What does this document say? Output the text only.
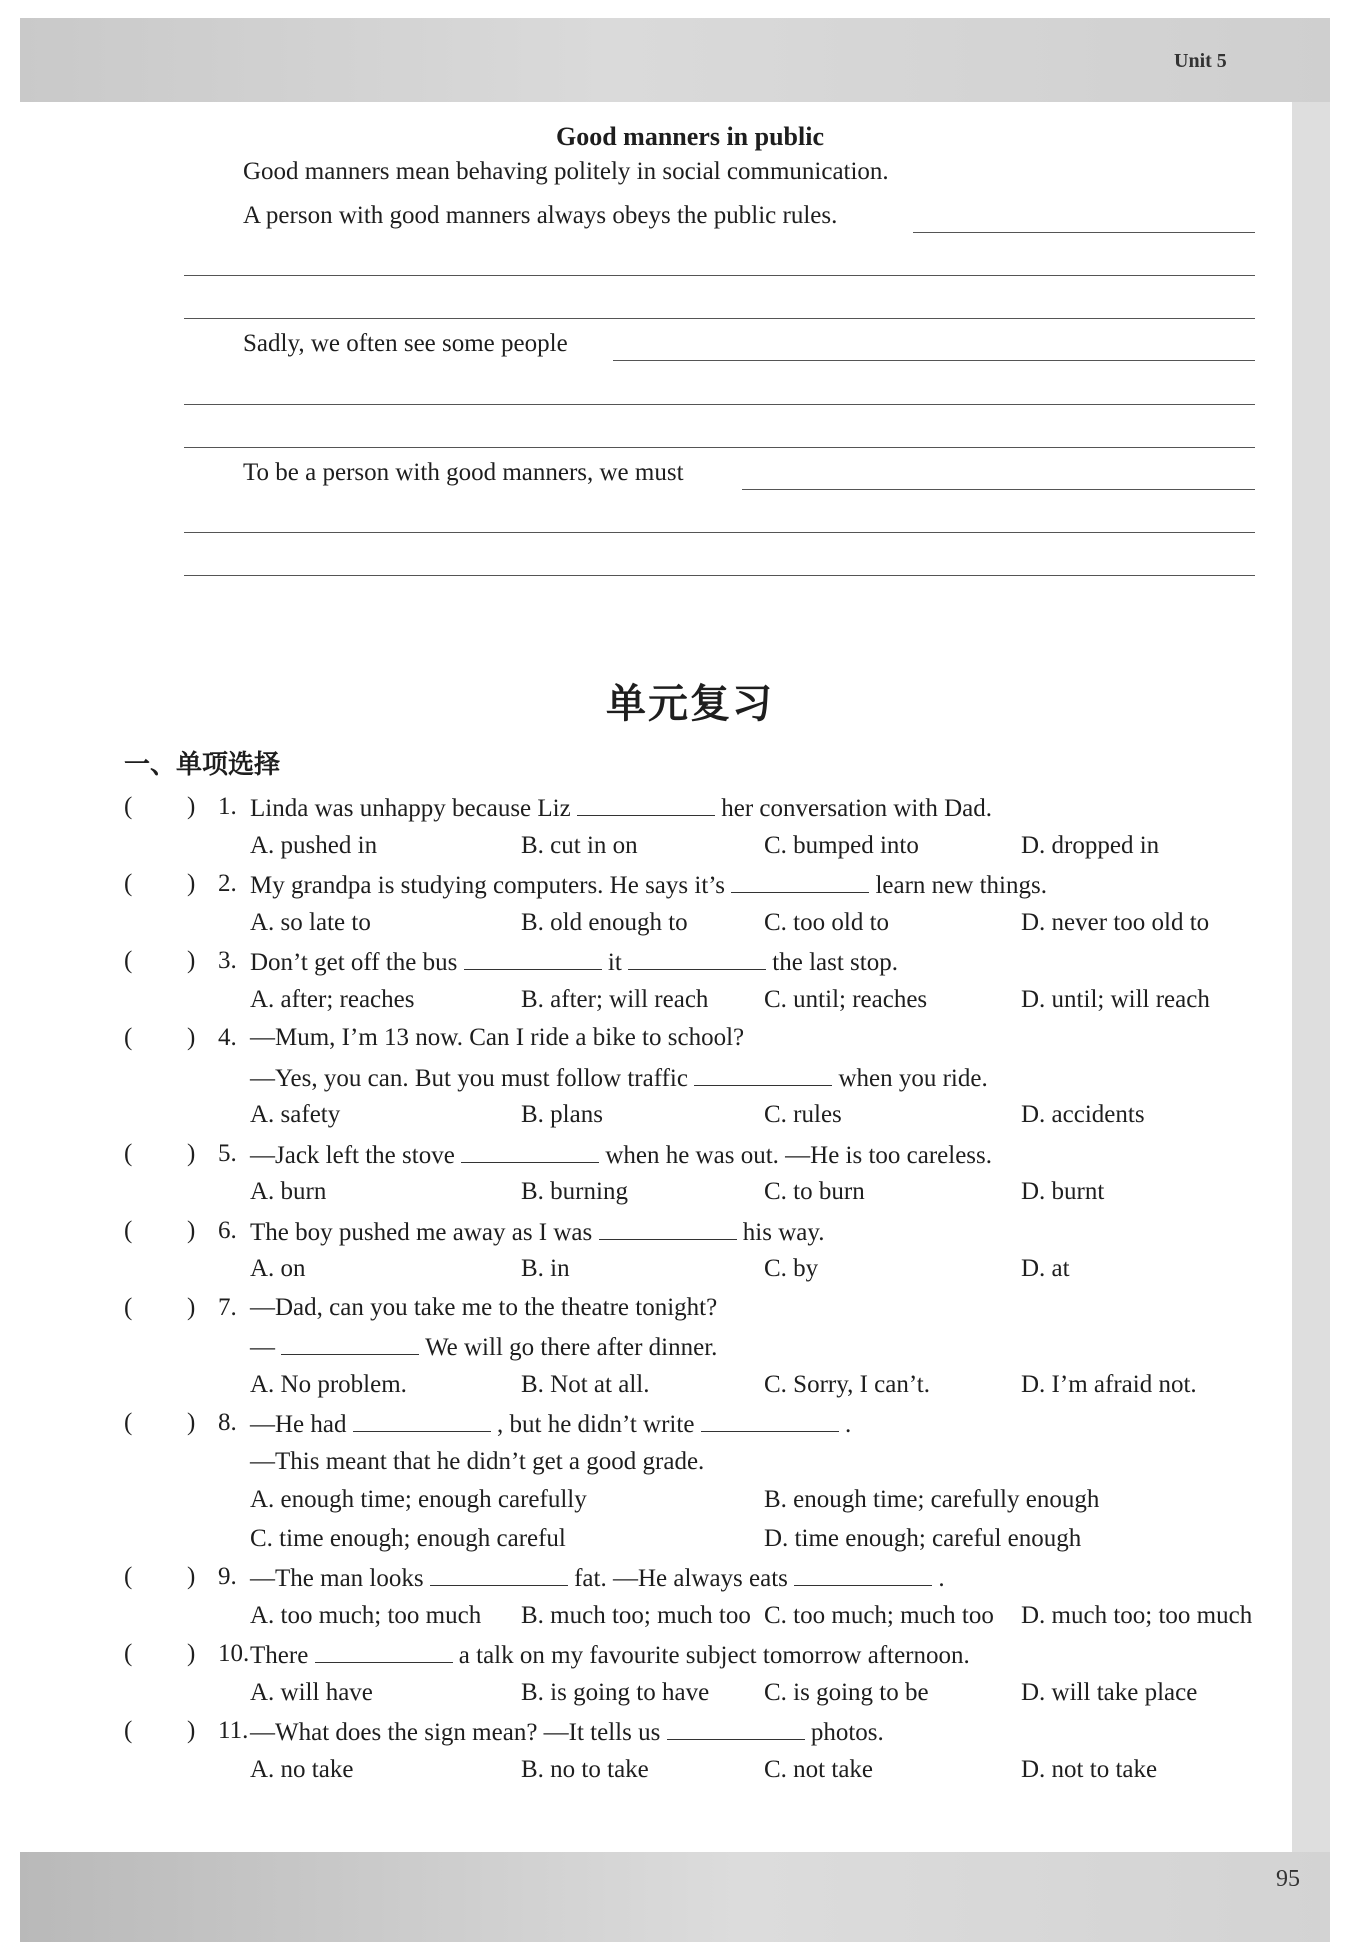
Unit 5
95
Good manners in public
Good manners mean behaving politely in social communication.
A person with good manners always obeys the public rules.
Sadly, we often see some people
To be a person with good manners, we must
单元复习
一、单项选择
( ) 1. Linda was unhappy because Liz	her conversation with Dad.
A. pushed in	B. cut in on	C. bumped into	D. dropped in
( ) 2. My grandpa is studying computers. He says it’s	learn new things.
A. so late to	B. old enough to	C. too old to	D. never too old to
( ) 3. Don’t get off the bus	it	the last stop.
A. after; reaches	B. after; will reach C. until; reaches	D. until; will reach
( ) 4. —Mum, I’m 13 now. Can I ride a bike to school?
—Yes, you can. But you must follow traffic	when you ride.
A. safety	B. plans	C. rules	D. accidents
( ) 5. —Jack left the stove	when he was out. —He is too careless.
A. burn	B. burning	C. to burn	D. burnt
( ) 6. The boy pushed me away as I was	his way.
A. on	B. in	C. by	D. at
( ) 7. —Dad, can you take me to the theatre tonight?
—	We will go there after dinner.
A. No problem.	B. Not at all.	C. Sorry, I can’t.	D. I’m afraid not.
( ) 8. —He had	, but he didn’t write	.
—This meant that he didn’t get a good grade.
A. enough time; enough carefully	B. enough time; carefully enough
C. time enough; enough careful	D. time enough; careful enough
( ) 9. —The man looks	fat. —He always eats	.
A. too much; too much B. much too; much too C. too much; much too D. much too; too much
( ) 10. There	a talk on my favourite subject tomorrow afternoon.
A. will have	B. is going to have C. is going to be	D. will take place
( ) 11. —What does the sign mean? —It tells us	photos.
A. no take	B. no to take	C. not take	D. not to take
